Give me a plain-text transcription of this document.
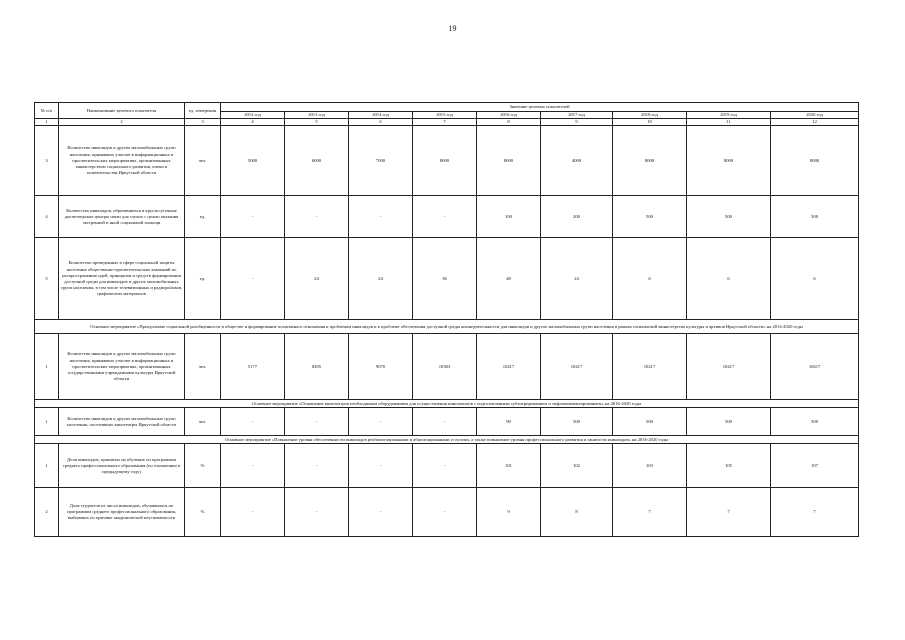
19
№ п/п	Наименование целевого показателя	ед. измерения	Значение целевых показателей								
			2012 год	2013 год	2014 год	2015 год	2016 год	2017 год	2018 год	2019 год	2020 год
1	2	3	4	5	6	7	8	9	10	11	12
3	Количество инвалидов и других маломобильных групп населения, принявших участие в информационных и просветительских мероприятиях, организованных министерством социального развития, опеки и попечительства Иркутской области	чел.	5000	6000	7000	8000	8000	4000	8000	8000	8000
4	Количество инвалидов, обратившихся в круглосуточные диспетчерские центры связи для глухих с целью оказания экстренной и иной социальной помощи	ед.	-	-	-	-	100	200	500	500	500
5	Количество проведенных в сфере социальной защиты населения общественно-просветительских кампаний по распространению идей, принципов и средств формирования доступной среды для инвалидов и других маломобильных групп населения, в том числе телевизионных и радиорολиков, графических материалов	ед.	-	24	24	36	48	24	6	6	6
Основное мероприятие «Преодоление социальной разобщенности в обществе и формирование позитивного отношения к проблемам инвалидов и к проблеме обеспечения доступной среды жизнедеятельности для инвалидов и других маломобильных групп населения в рамках полномочий министерства культуры и архивов Иркутской области» на 2014-2020 годы											
1	Количество инвалидов и других маломобильных групп населения, принявших участие в информационных и просветительских мероприятиях, организованных государственными учреждениями культуры Иркутской области	чел.	5177	8495	9070	10303	10417	10417	10417	10417	10417
Основное мероприятие «Оснащение кинотеатров необходимым оборудованием для осуществления кинопоказов с подготовленным субтитрированием и тифлокомментированием» на 2016-2020 годы											
1	Количество инвалидов и других маломобильных групп населения, посетивших кинотеатры Иркутской области	чел.	-	-	-	-	90	500	500	500	500
Основное мероприятие «Повышение уровня обеспеченности инвалидов реабилитационными и абилитационными услугами, а также повышение уровня профессионального развития и занятости инвалидов» на 2016-2020 годы											
1	Доля инвалидов, принятых на обучение по программам среднего профессионального образования (по отношению к предыдущему году)	%	-	-	-	-	101	102	103	105	107
2	Доля студентов из числа инвалидов, обучавшихся по программам среднего профессионального образования, выбывших по причине академической неуспеваемости	%	-	-	-	-	9	8	7	7	7
